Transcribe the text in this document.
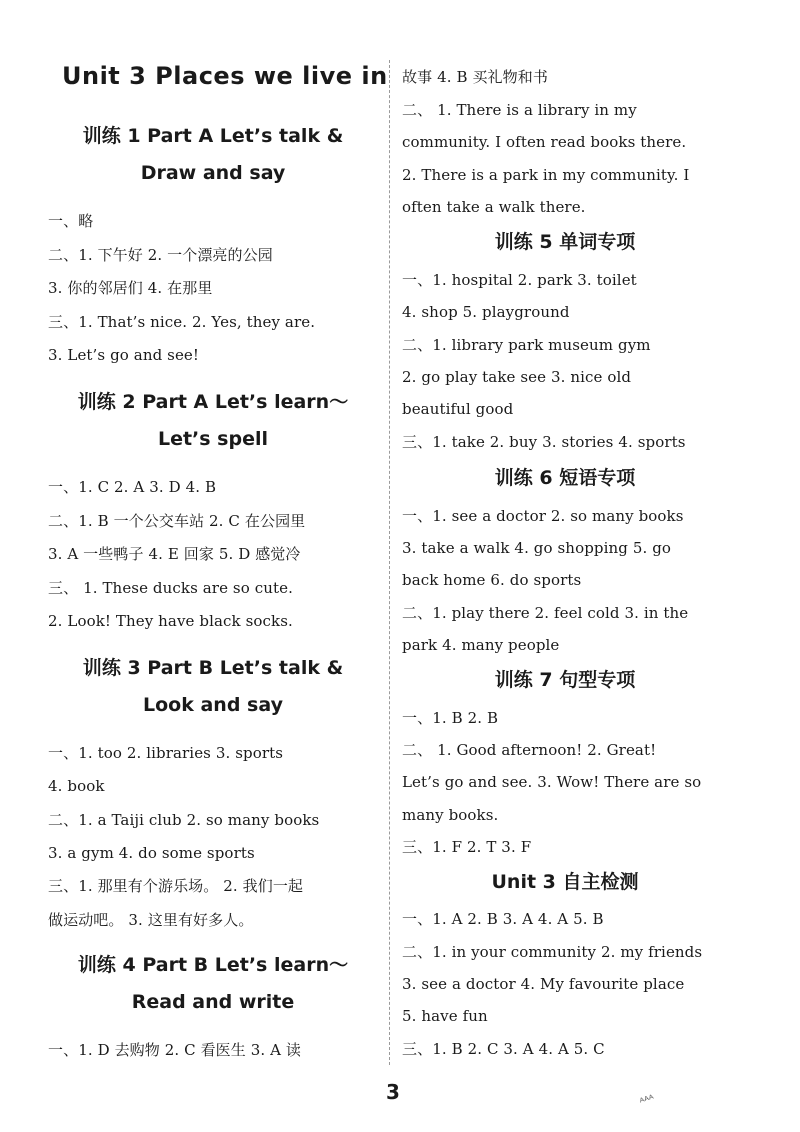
Unit 3 Places we live in
训练 1 Part A Let’s talk &
Draw and say
一、略
二、1. 下午好 2. 一个漂亮的公园
3. 你的邻居们 4. 在那里
三、1. That’s nice. 2. Yes, they are.
3. Let’s go and see!
训练 2 Part A Let’s learn～
Let’s spell
一、1. C 2. A 3. D 4. B
二、1. B 一个公交车站 2. C 在公园里
3. A 一些鸭子 4. E 回家 5. D 感觉冷
三、 1. These ducks are so cute.
2. Look! They have black socks.
训练 3 Part B Let’s talk &
Look and say
一、1. too 2. libraries 3. sports
4. book
二、1. a Taiji club 2. so many books
3. a gym 4. do some sports
三、1. 那里有个游乐场。 2. 我们一起
做运动吧。 3. 这里有好多人。
训练 4 Part B Let’s learn～
Read and write
一、1. D 去购物 2. C 看医生 3. A 读
故事 4. B 买礼物和书
二、 1. There is a library in my
community. I often read books there.
2. There is a park in my community. I
often take a walk there.
训练 5 单词专项
一、1. hospital 2. park 3. toilet
4. shop 5. playground
二、1. library park museum gym
2. go play take see 3. nice old
beautiful good
三、1. take 2. buy 3. stories 4. sports
训练 6 短语专项
一、1. see a doctor 2. so many books
3. take a walk 4. go shopping 5. go
back home 6. do sports
二、1. play there 2. feel cold 3. in the
park 4. many people
训练 7 句型专项
一、1. B 2. B
二、 1. Good afternoon! 2. Great!
Let’s go and see. 3. Wow! There are so
many books.
三、1. F 2. T 3. F
Unit 3 自主检测
一、1. A 2. B 3. A 4. A 5. B
二、1. in your community 2. my friends
3. see a doctor 4. My favourite place
5. have fun
三、1. B 2. C 3. A 4. A 5. C
3	ᴬᴬᴬ
